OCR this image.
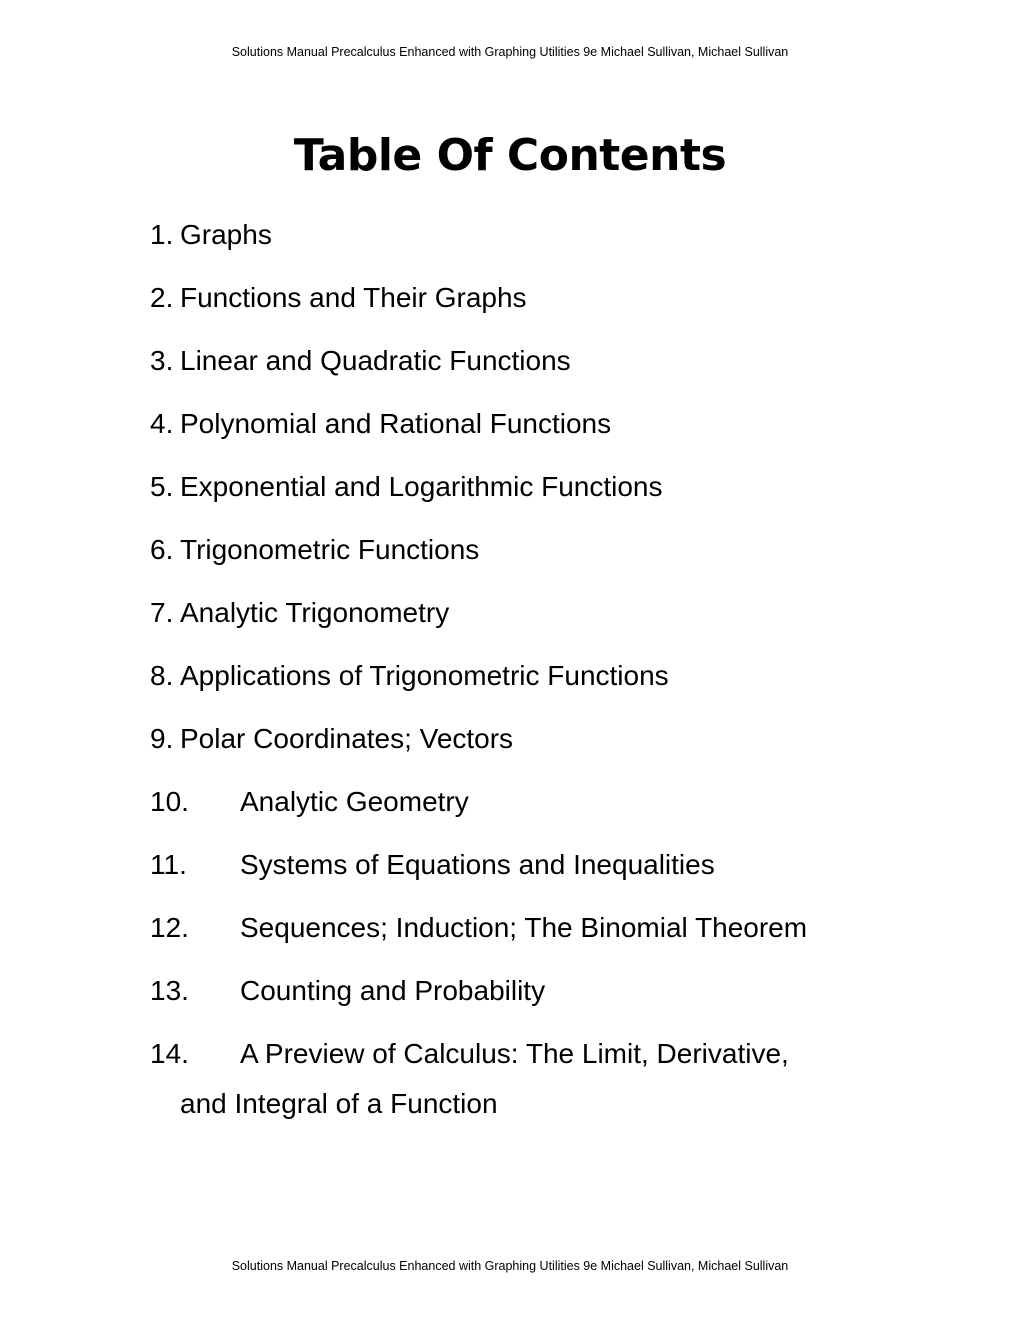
Solutions Manual Precalculus Enhanced with Graphing Utilities 9e Michael Sullivan, Michael Sullivan
Table Of Contents
1. Graphs
2. Functions and Their Graphs
3. Linear and Quadratic Functions
4. Polynomial and Rational Functions
5. Exponential and Logarithmic Functions
6. Trigonometric Functions
7. Analytic Trigonometry
8. Applications of Trigonometric Functions
9. Polar Coordinates; Vectors
10. Analytic Geometry
11. Systems of Equations and Inequalities
12. Sequences; Induction; The Binomial Theorem
13. Counting and Probability
14. A Preview of Calculus: The Limit, Derivative,
and Integral of a Function
Solutions Manual Precalculus Enhanced with Graphing Utilities 9e Michael Sullivan, Michael Sullivan
